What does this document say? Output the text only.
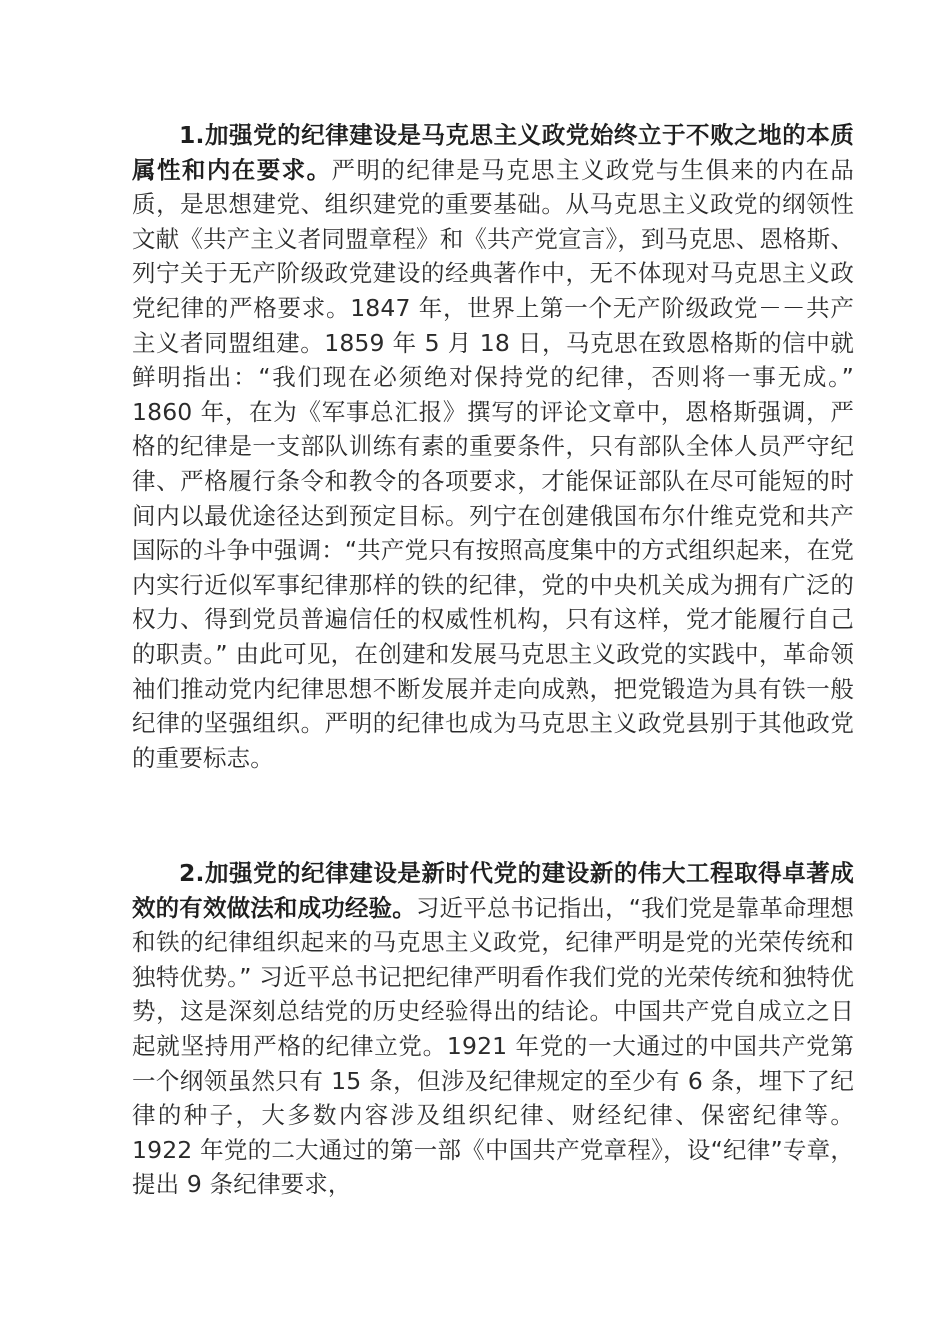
1.加强党的纪律建设是马克思主义政党始终立于不败之地的本质属性和内在要求。严明的纪律是马克思主义政党与生俱来的内在品质，是思想建党、组织建党的重要基础。从马克思主义政党的纲领性文献《共产主义者同盟章程》和《共产党宣言》，到马克思、恩格斯、列宁关于无产阶级政党建设的经典著作中，无不体现对马克思主义政党纪律的严格要求。1847 年，世界上第一个无产阶级政党－－共产主义者同盟组建。1859 年 5 月 18 日，马克思在致恩格斯的信中就鲜明指出：“我们现在必须绝对保持党的纪律，否则将一事无成。” 1860 年，在为《军事总汇报》撰写的评论文章中，恩格斯强调，严格的纪律是一支部队训练有素的重要条件，只有部队全体人员严守纪律、严格履行条令和教令的各项要求，才能保证部队在尽可能短的时间内以最优途径达到预定目标。列宁在创建俄国布尔什维克党和共产国际的斗争中强调：“共产党只有按照高度集中的方式组织起来，在党内实行近似军事纪律那样的铁的纪律，党的中央机关成为拥有广泛的权力、得到党员普遍信任的权威性机构，只有这样，党才能履行自己的职责。” 由此可见，在创建和发展马克思主义政党的实践中，革命领袖们推动党内纪律思想不断发展并走向成熟，把党锻造为具有铁一般纪律的坚强组织。严明的纪律也成为马克思主义政党县别于其他政党的重要标志。

2.加强党的纪律建设是新时代党的建设新的伟大工程取得卓著成效的有效做法和成功经验。习近平总书记指出，“我们党是靠革命理想和铁的纪律组织起来的马克思主义政党，纪律严明是党的光荣传统和独特优势。” 习近平总书记把纪律严明看作我们党的光荣传统和独特优势，这是深刻总结党的历史经验得出的结论。中国共产党自成立之日起就坚持用严格的纪律立党。1921 年党的一大通过的中国共产党第一个纲领虽然只有 15 条，但涉及纪律规定的至少有 6 条，埋下了纪律的种子，大多数内容涉及组织纪律、财经纪律、保密纪律等。1922 年党的二大通过的第一部《中国共产党章程》，设“纪律”专章，提出 9 条纪律要求，
